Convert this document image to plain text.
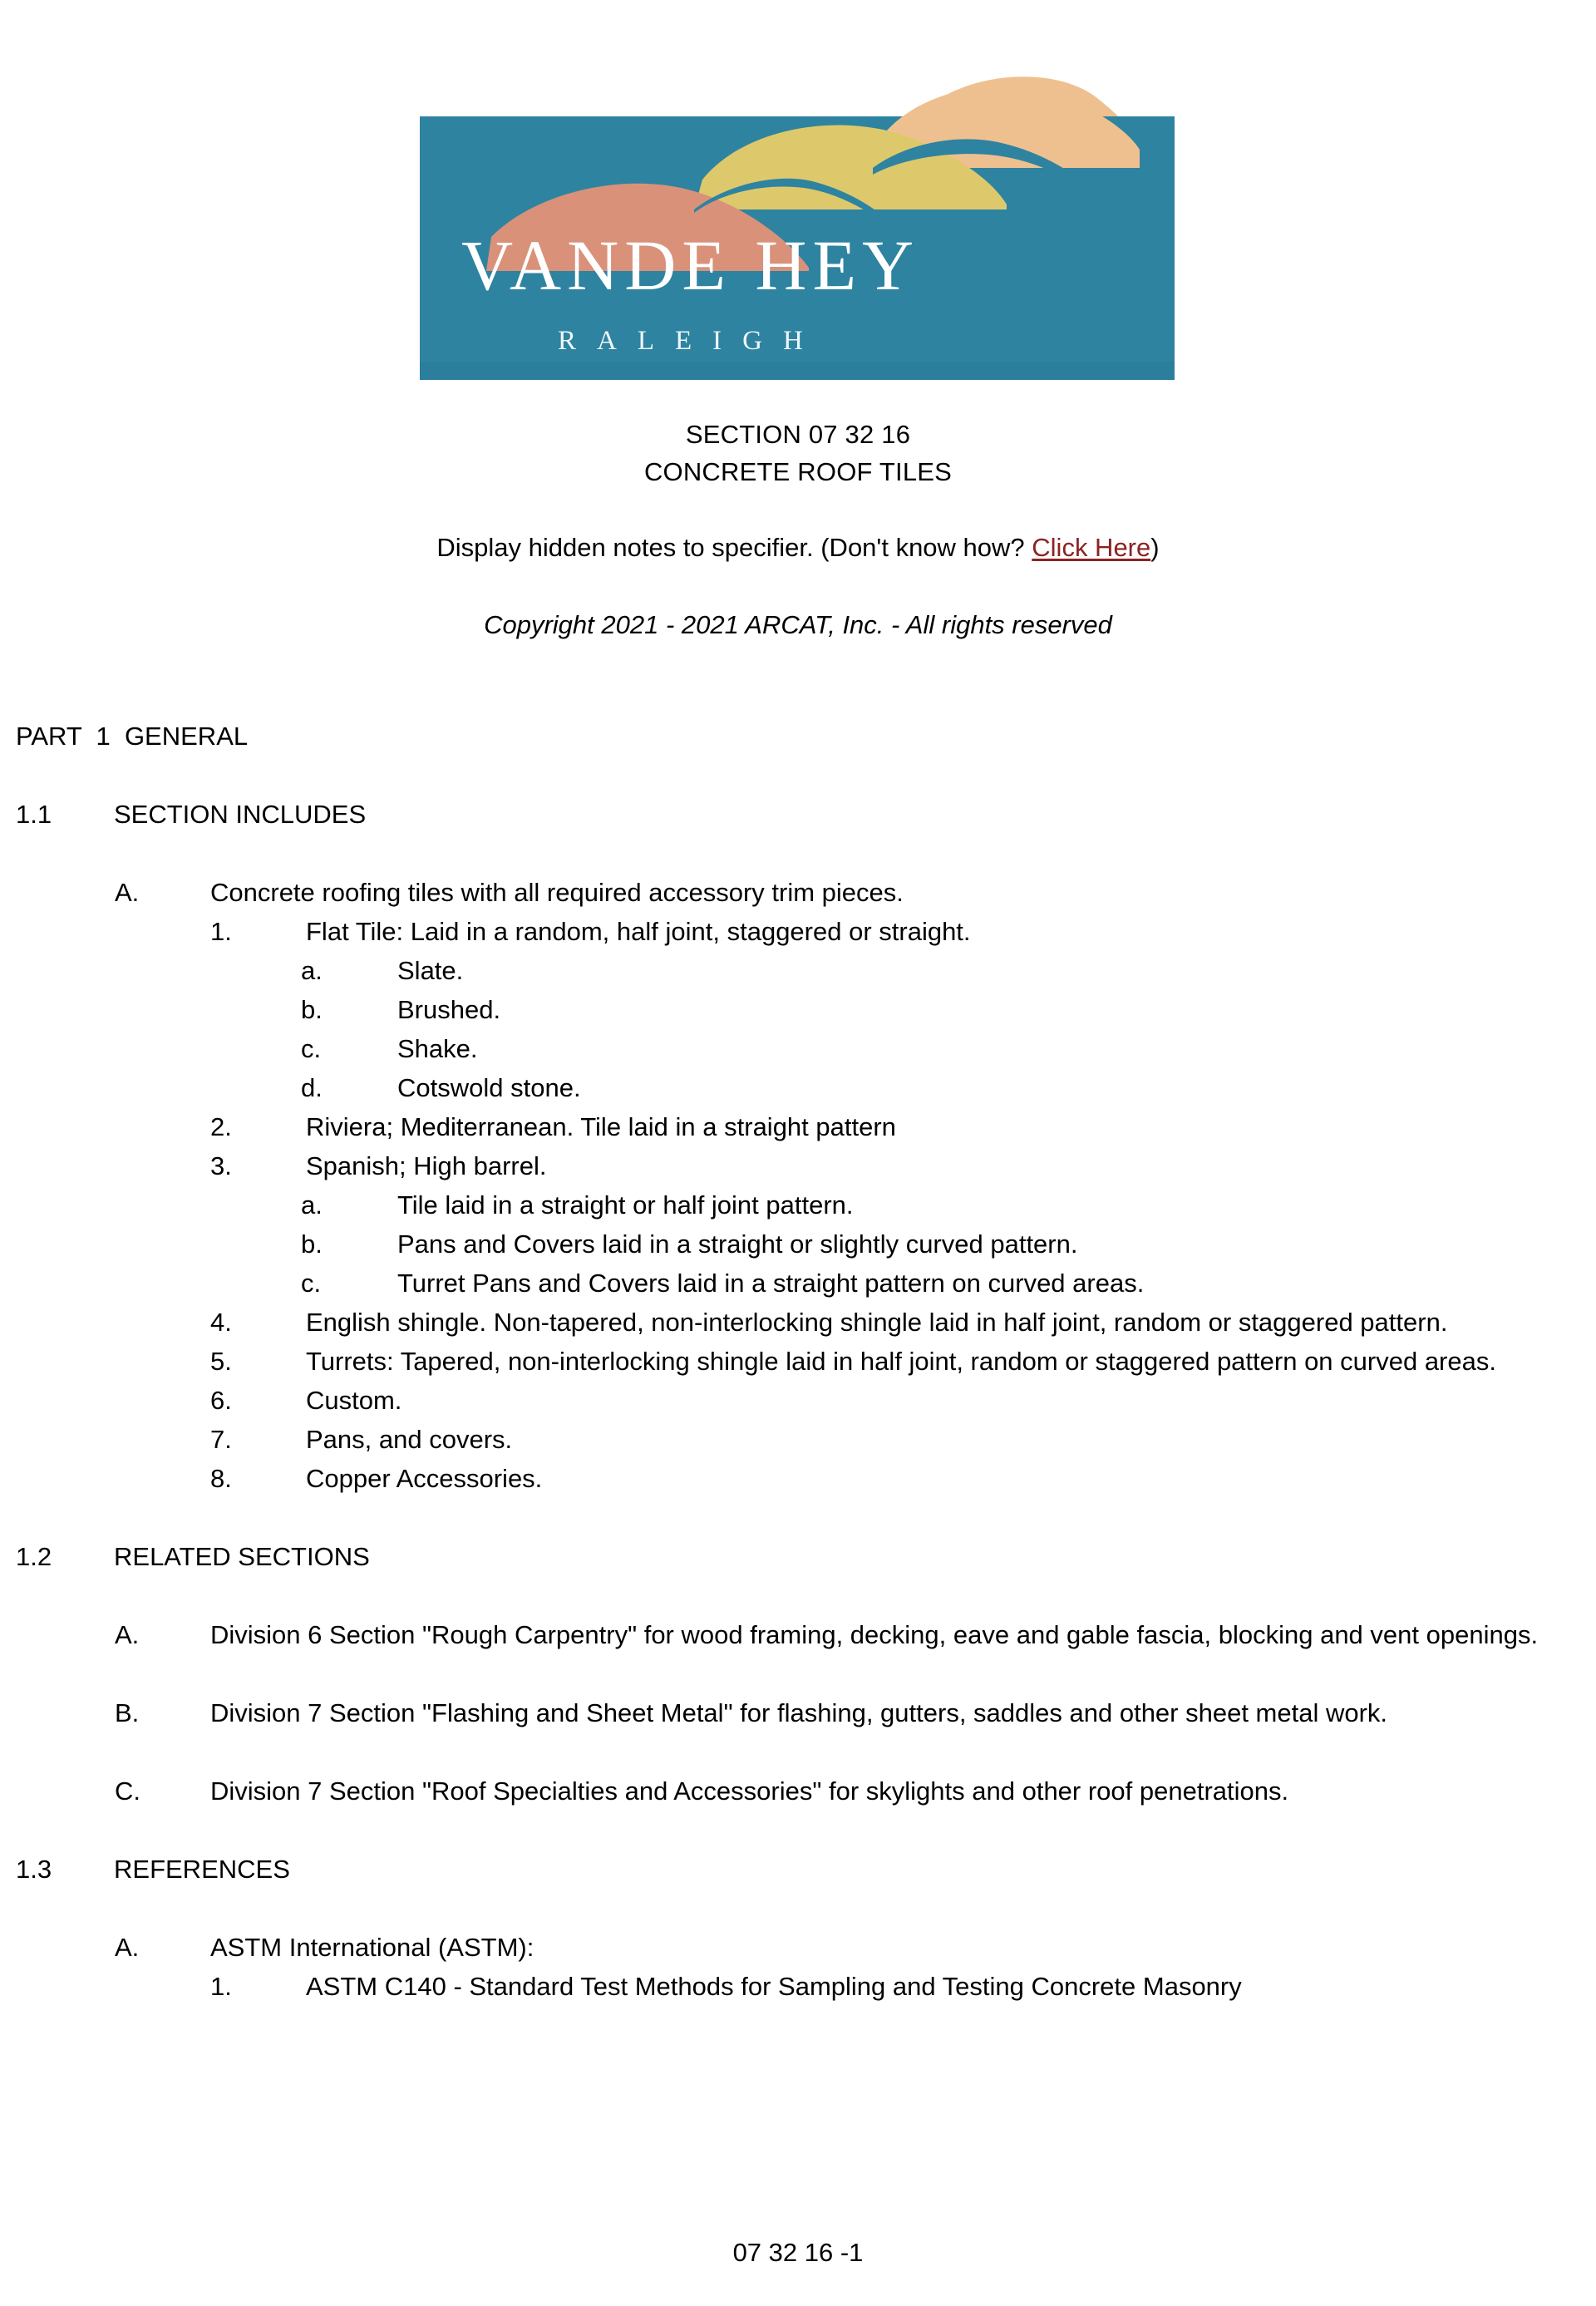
VANDE HEY
RALEIGH
SECTION 07 32 16
CONCRETE ROOF TILES
Display hidden notes to specifier. (Don't know how? Click Here)
Copyright 2021 - 2021 ARCAT, Inc. - All rights reserved
PART  1  GENERAL
1.1	SECTION INCLUDES
A.	Concrete roofing tiles with all required accessory trim pieces.
1.	Flat Tile: Laid in a random, half joint, staggered or straight.
a.	Slate.
b.	Brushed.
c.	Shake.
d.	Cotswold stone.
2.	Riviera; Mediterranean. Tile laid in a straight pattern
3.	Spanish; High barrel.
a.	Tile laid in a straight or half joint pattern.
b.	Pans and Covers laid in a straight or slightly curved pattern.
c.	Turret Pans and Covers laid in a straight pattern on curved areas.
4.	English shingle. Non-tapered, non-interlocking shingle laid in half joint, random or staggered pattern.
5.	Turrets: Tapered, non-interlocking shingle laid in half joint, random or staggered pattern on curved areas.
6.	Custom.
7.	Pans, and covers.
8.	Copper Accessories.
1.2	RELATED SECTIONS
A.	Division 6 Section "Rough Carpentry" for wood framing, decking, eave and gable fascia, blocking and vent openings.
B.	Division 7 Section "Flashing and Sheet Metal" for flashing, gutters, saddles and other sheet metal work.
C.	Division 7 Section "Roof Specialties and Accessories" for skylights and other roof penetrations.
1.3	REFERENCES
A.	ASTM International (ASTM):
1.	ASTM C140 - Standard Test Methods for Sampling and Testing Concrete Masonry
07 32 16 -1
